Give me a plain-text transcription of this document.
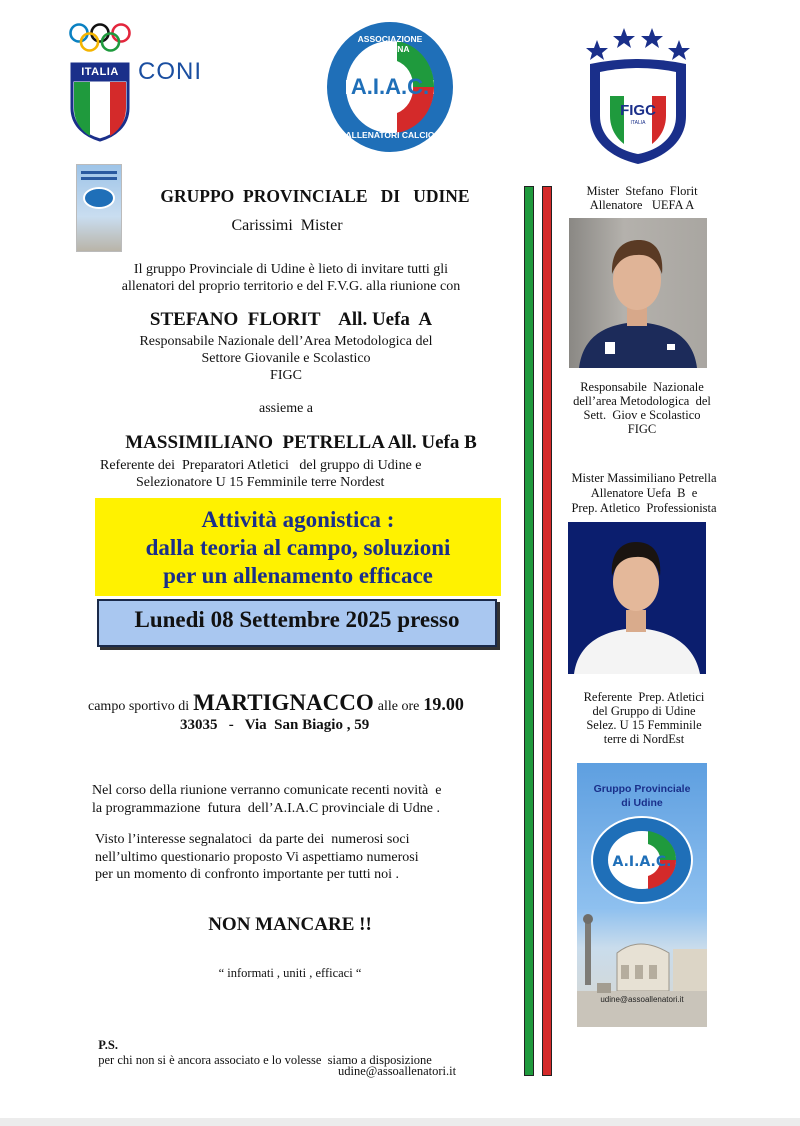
ITALIA CONI
ASSOCIAZIONE ITALIANA
A.I.A.C.
ALLENATORI CALCIO
FIGC
ITALIA
GRUPPO  PROVINCIALE   DI   UDINE
Carissimi  Mister
Il gruppo Provinciale di Udine è lieto di invitare tutti gli
allenatori del proprio territorio e del F.V.G. alla riunione con
STEFANO  FLORIT    All. Uefa  A
Responsabile Nazionale dell’Area Metodologica del
Settore Giovanile e Scolastico
FIGC
assieme a
MASSIMILIANO  PETRELLA All. Uefa B
Referente dei  Preparatori Atletici   del gruppo di Udine e
Selezionatore U 15 Femminile terre Nordest
Attività agonistica :
dalla teoria al campo, soluzioni
per un allenamento efficace
Lunedi 08 Settembre 2025 presso
campo sportivo di MARTIGNACCO alle ore 19.00
33035   -   Via  San Biagio , 59
Nel corso della riunione verranno comunicate recenti novità  e
la programmazione  futura  dell’A.I.A.C provinciale di Udne .
Visto l’interesse segnalatoci  da parte dei  numerosi soci
nell’ultimo questionario proposto Vi aspettiamo numerosi
per un momento di confronto importante per tutti noi .
NON MANCARE !!
“ informati , uniti , efficaci “

P.S.
per chi non si è ancora associato e lo volesse  siamo a disposizione

udine@assoallenatori.it
Mister  Stefano  Florit
Allenatore   UEFA A
Responsabile  Nazionale
dell’area Metodologica  del
Sett.  Giov e Scolastico
FIGC
Mister Massimiliano Petrella
Allenatore Uefa  B  e
Prep. Atletico  Professionista
Referente  Prep. Atletici
del Gruppo di Udine
Selez. U 15 Femminile
terre di NordEst
Gruppo Provinciale
di Udine
A.I.A.C.
udine@assoallenatori.it
